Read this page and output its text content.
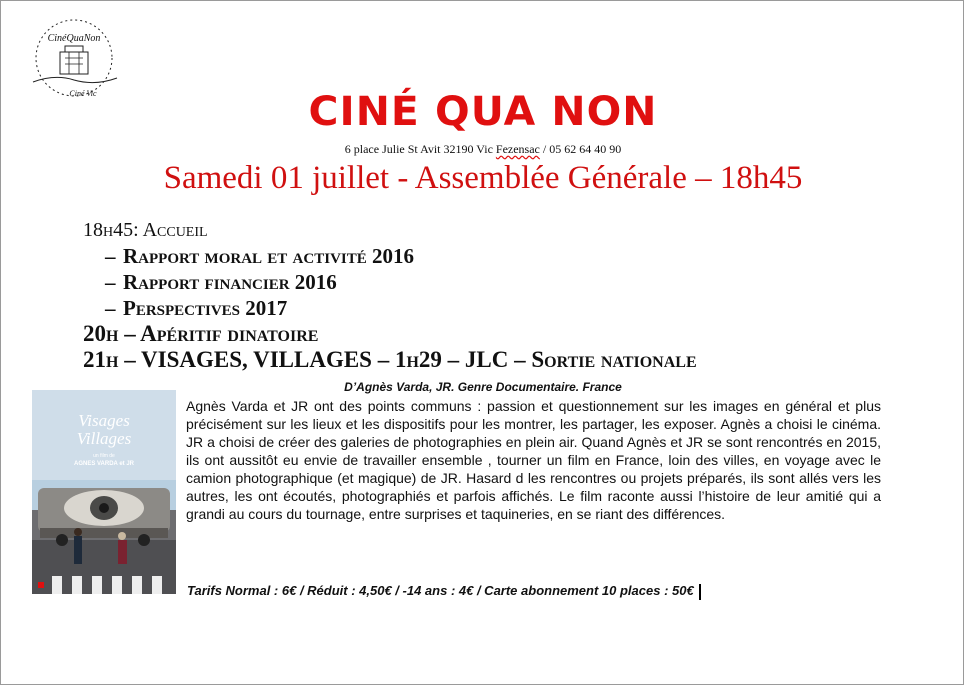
CinéQuaNon
Ciné Vic	CINÉ QUA NON
6 place Julie St Avit 32190 Vic Fezensac / 05 62 64 40 90
Samedi 01 juillet - Assemblée Générale – 18h45
18h45: Accueil
– Rapport moral et activité 2016
– Rapport financier 2016
– Perspectives 2017
20h – Apéritif dinatoire
21h – VISAGES, VILLAGES – 1h29 – JLC – Sortie nationale
D’Agnès Varda, JR. Genre Documentaire. France
Visages
Villages
un film de
AGNES VARDA et JR
Agnès Varda et JR ont des points communs : passion et questionnement sur les images en général et plus précisément sur les lieux et les dispositifs pour les montrer, les partager, les exposer. Agnès a choisi le cinéma. JR a choisi de créer des galeries de photographies en plein air. Quand Agnès et JR se sont rencontrés en 2015, ils ont aussitôt eu envie de travailler ensemble , tourner un film en France, loin des villes, en voyage avec le camion photographique (et magique) de JR. Hasard d les rencontres ou projets préparés, ils sont allés vers les autres, les ont écoutés, photographiés et parfois affichés. Le film raconte aussi l’histoire de leur amitié qui a grandi au cours du tournage, entre surprises et taquineries, en se riant des différences.
Tarifs Normal : 6€ / Réduit : 4,50€ / -14 ans : 4€ / Carte abonnement 10 places : 50€
